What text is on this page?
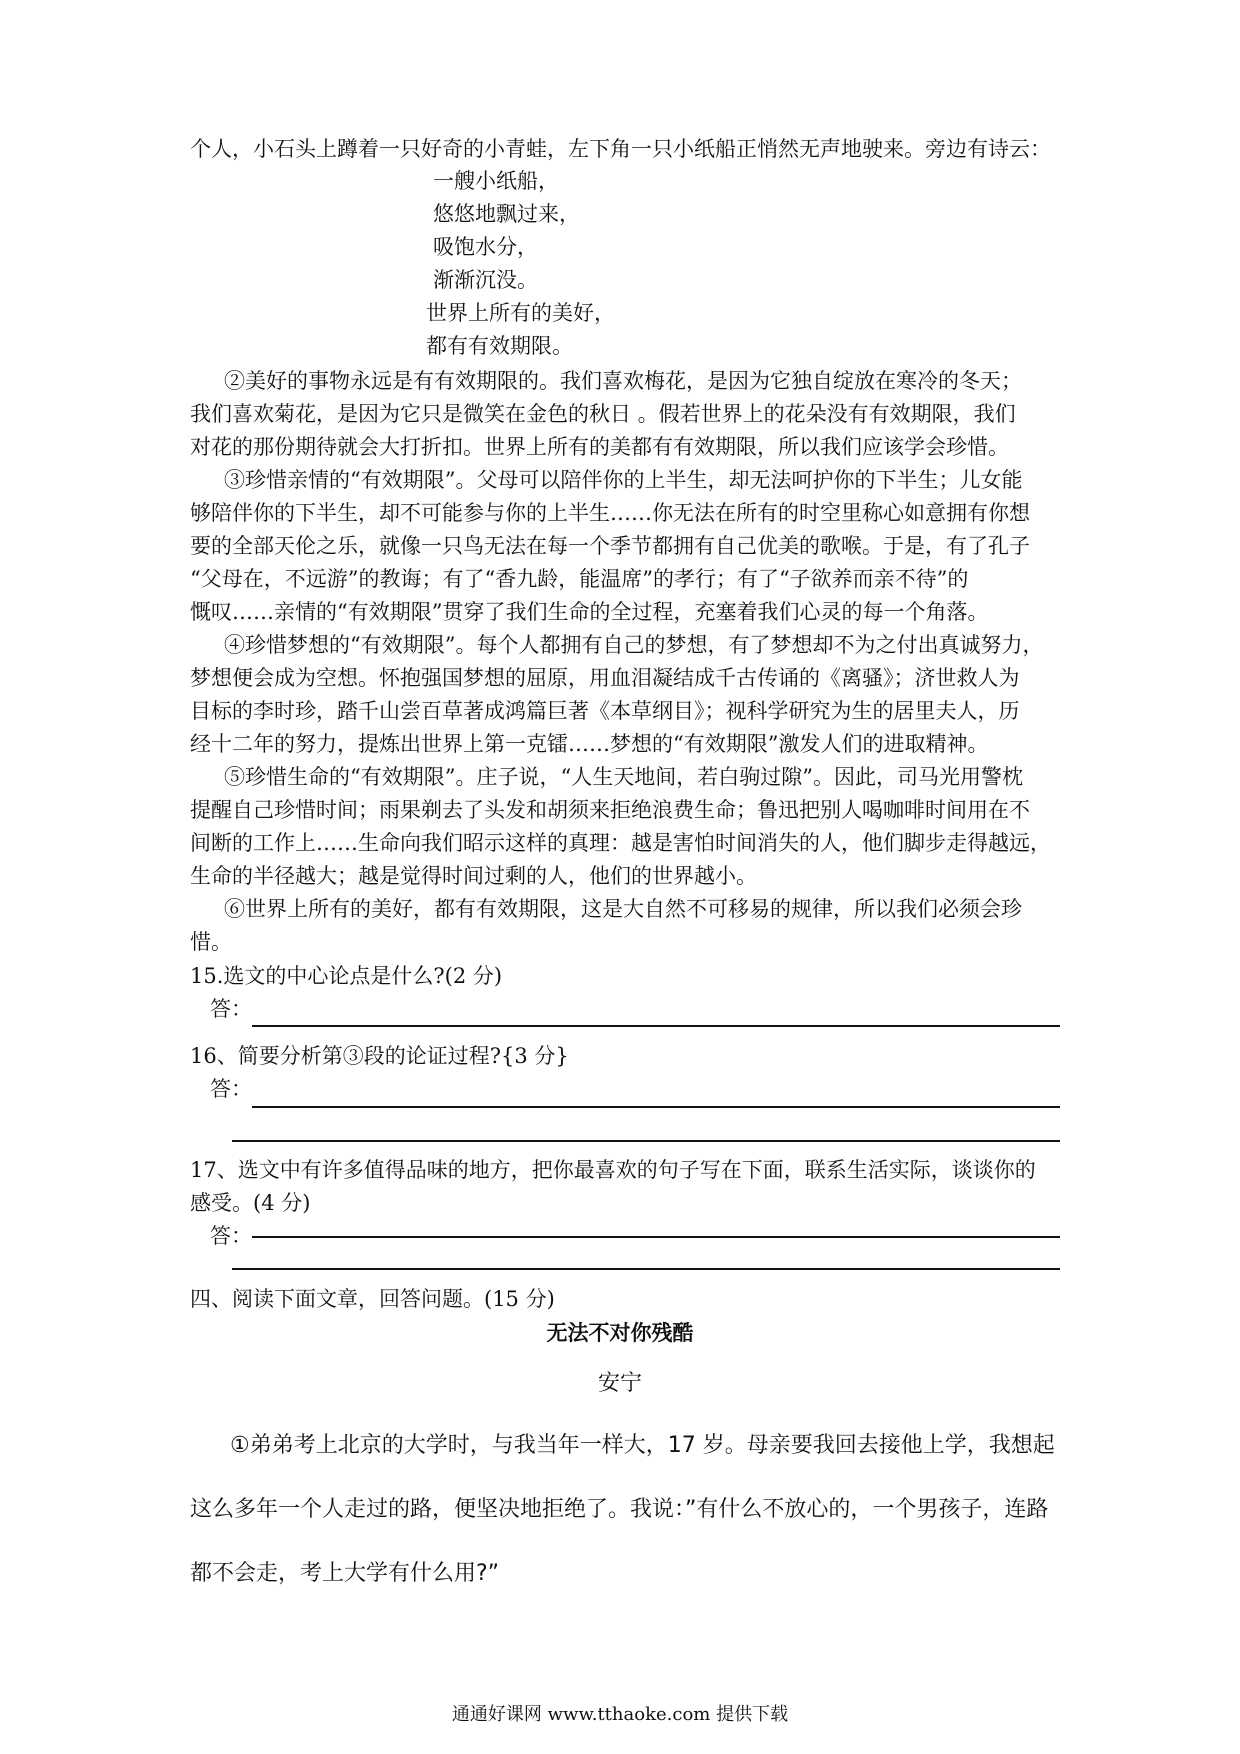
个人，小石头上蹲着一只好奇的小青蛙，左下角一只小纸船正悄然无声地驶来。旁边有诗云：
一艘小纸船，
悠悠地飘过来，
吸饱水分，
渐渐沉没。
世界上所有的美好，
都有有效期限。
②美好的事物永远是有有效期限的。我们喜欢梅花，是因为它独自绽放在寒冷的冬天；
我们喜欢菊花，是因为它只是微笑在金色的秋日 。假若世界上的花朵没有有效期限，我们
对花的那份期待就会大打折扣。世界上所有的美都有有效期限，所以我们应该学会珍惜。
③珍惜亲情的“有效期限”。父母可以陪伴你的上半生，却无法呵护你的下半生；儿女能
够陪伴你的下半生，却不可能参与你的上半生……你无法在所有的时空里称心如意拥有你想
要的全部天伦之乐，就像一只鸟无法在每一个季节都拥有自己优美的歌喉。于是，有了孔子
“父母在，不远游”的教诲；有了“香九龄，能温席”的孝行；有了“子欲养而亲不待”的
慨叹……亲情的“有效期限”贯穿了我们生命的全过程，充塞着我们心灵的每一个角落。
④珍惜梦想的“有效期限”。每个人都拥有自己的梦想，有了梦想却不为之付出真诚努力，
梦想便会成为空想。怀抱强国梦想的屈原，用血泪凝结成千古传诵的《离骚》；济世救人为
目标的李时珍，踏千山尝百草著成鸿篇巨著《本草纲目》；视科学研究为生的居里夫人，历
经十二年的努力，提炼出世界上第一克镭……梦想的“有效期限”激发人们的进取精神。
⑤珍惜生命的“有效期限”。庄子说，“人生天地间，若白驹过隙”。因此，司马光用警枕
提醒自己珍惜时间；雨果剃去了头发和胡须来拒绝浪费生命；鲁迅把别人喝咖啡时间用在不
间断的工作上……生命向我们昭示这样的真理：越是害怕时间消失的人，他们脚步走得越远，
生命的半径越大；越是觉得时间过剩的人，他们的世界越小。
⑥世界上所有的美好，都有有效期限，这是大自然不可移易的规律，所以我们必须会珍
惜。
15.选文的中心论点是什么?(2 分)
答：
16、简要分析第③段的论证过程?{3 分}
答：
17、选文中有许多值得品味的地方，把你最喜欢的句子写在下面，联系生活实际，谈谈你的
感受。(4 分)
答：
四、阅读下面文章，回答问题。(15 分)
无法不对你残酷
安宁
①弟弟考上北京的大学时，与我当年一样大，17 岁。母亲要我回去接他上学，我想起
这么多年一个人走过的路，便坚决地拒绝了。我说：”有什么不放心的，一个男孩子，连路
都不会走，考上大学有什么用?”
通通好课网 www.tthaoke.com 提供下载
